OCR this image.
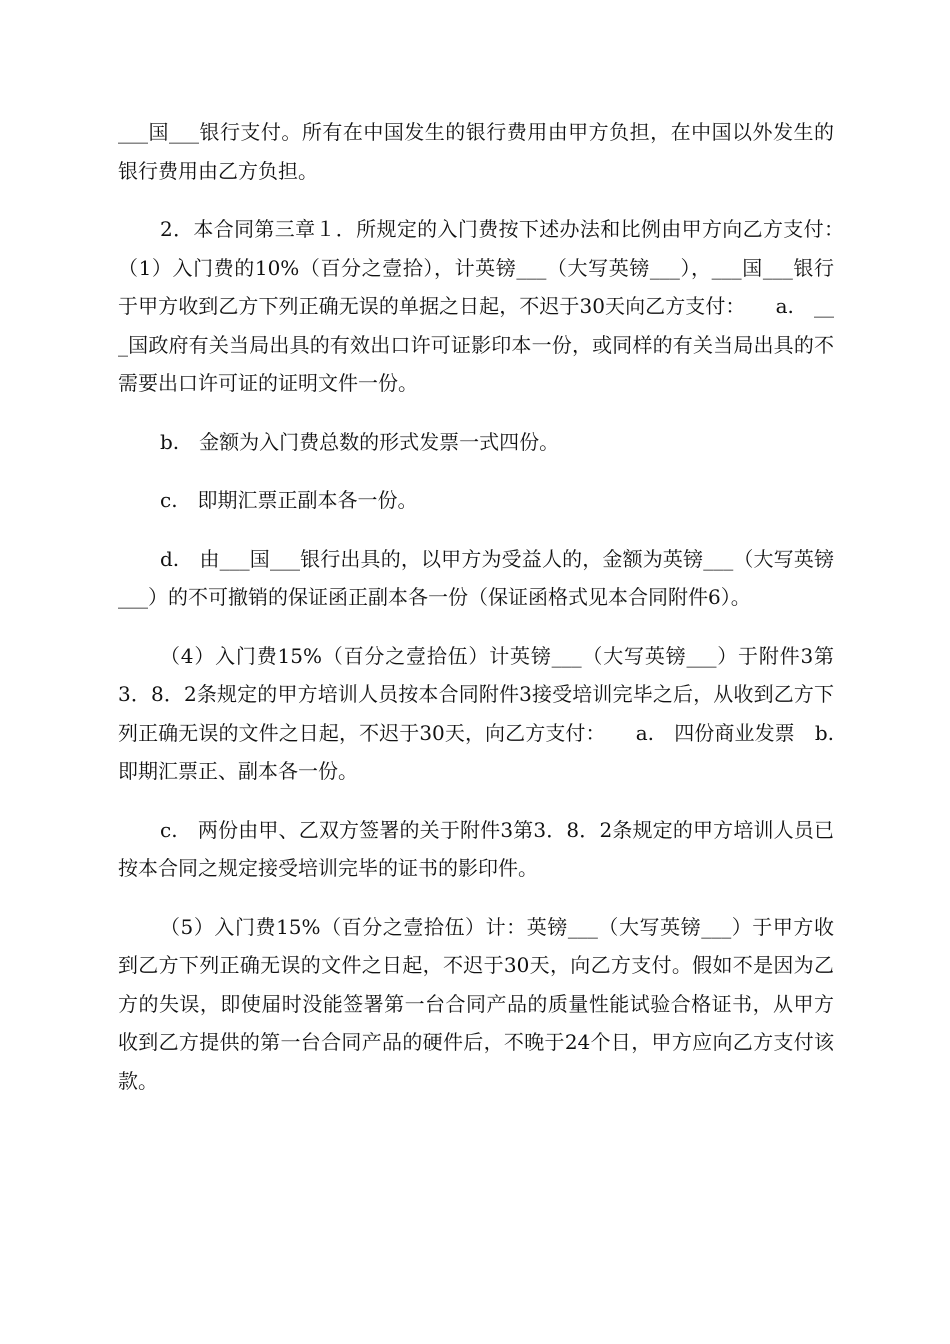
___国___银行支付。所有在中国发生的银行费用由甲方负担，在中国以外发生的银行费用由乙方负担。

2．本合同第三章１．所规定的入门费按下述办法和比例由甲方向乙方支付：　　（1）入门费的10%（百分之壹拾），计英镑___（大写英镑___），___国___银行于甲方收到乙方下列正确无误的单据之日起，不迟于30天向乙方支付：　　a.　___国政府有关当局出具的有效出口许可证影印本一份，或同样的有关当局出具的不需要出口许可证的证明文件一份。

b.　金额为入门费总数的形式发票一式四份。

c.　即期汇票正副本各一份。

d.　由___国___银行出具的，以甲方为受益人的，金额为英镑___（大写英镑___）的不可撤销的保证函正副本各一份（保证函格式见本合同附件6）。

（4）入门费15%（百分之壹拾伍）计英镑___（大写英镑___）于附件3第3．8．2条规定的甲方培训人员按本合同附件3接受培训完毕之后，从收到乙方下列正确无误的文件之日起，不迟于30天，向乙方支付：　　a.　四份商业发票　b.　即期汇票正、副本各一份。

c.　两份由甲、乙双方签署的关于附件3第3．8．2条规定的甲方培训人员已按本合同之规定接受培训完毕的证书的影印件。

（5）入门费15%（百分之壹拾伍）计：英镑___（大写英镑___）于甲方收到乙方下列正确无误的文件之日起，不迟于30天，向乙方支付。假如不是因为乙方的失误，即使届时没能签署第一台合同产品的质量性能试验合格证书，从甲方收到乙方提供的第一台合同产品的硬件后，不晚于24个日，甲方应向乙方支付该款。
